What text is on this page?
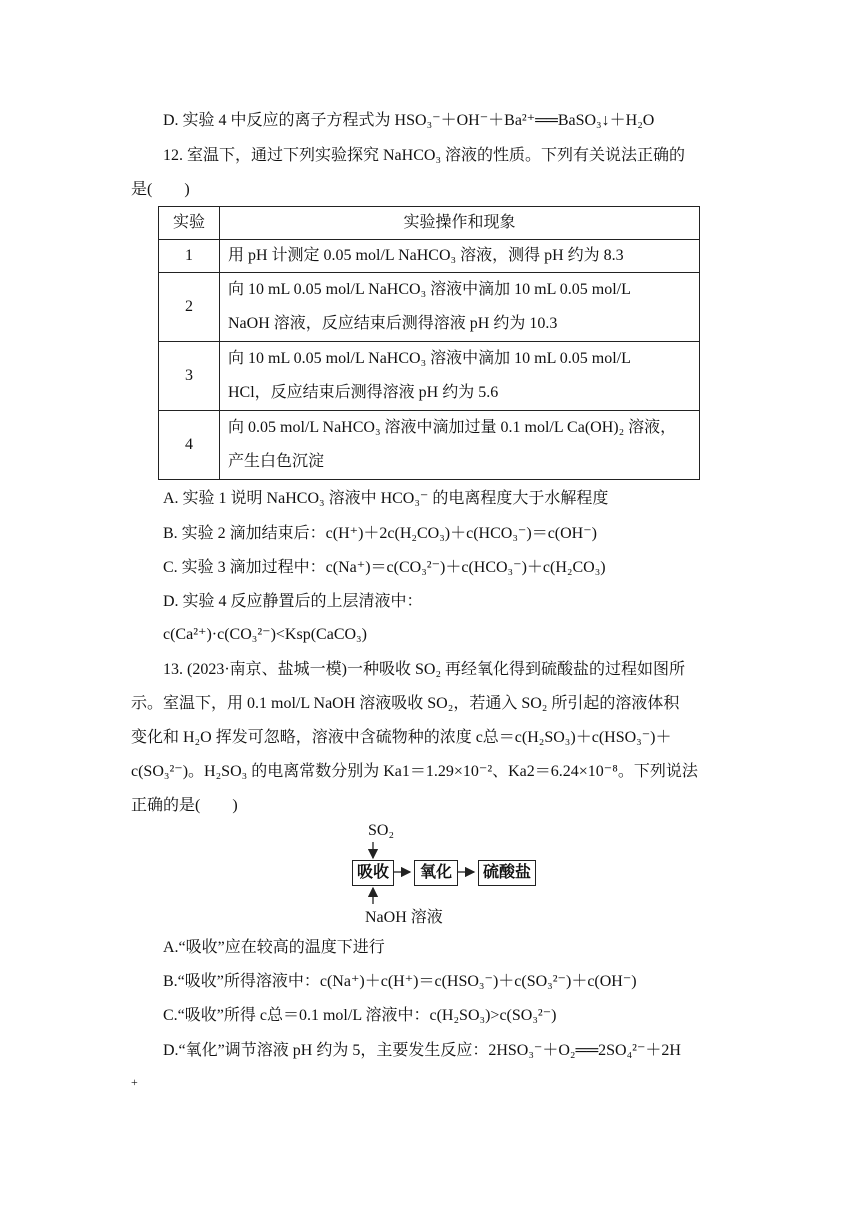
D. 实验 4 中反应的离子方程式为 HSO₃⁻＋OH⁻＋Ba²⁺══BaSO₃↓＋H₂O
12. 室温下，通过下列实验探究 NaHCO₃ 溶液的性质。下列有关说法正确的
是(　　)
实验	实验操作和现象
1	用 pH 计测定 0.05 mol/L NaHCO₃ 溶液，测得 pH 约为 8.3
2	向 10 mL 0.05 mol/L NaHCO₃ 溶液中滴加 10 mL 0.05 mol/L
NaOH 溶液，反应结束后测得溶液 pH 约为 10.3
3	向 10 mL 0.05 mol/L NaHCO₃ 溶液中滴加 10 mL 0.05 mol/L
HCl，反应结束后测得溶液 pH 约为 5.6
4	向 0.05 mol/L NaHCO₃ 溶液中滴加过量 0.1 mol/L Ca(OH)₂ 溶液，
产生白色沉淀
A. 实验 1 说明 NaHCO₃ 溶液中 HCO₃⁻ 的电离程度大于水解程度
B. 实验 2 滴加结束后：c(H⁺)＋2c(H₂CO₃)＋c(HCO₃⁻)＝c(OH⁻)
C. 实验 3 滴加过程中：c(Na⁺)＝c(CO₃²⁻)＋c(HCO₃⁻)＋c(H₂CO₃)
D. 实验 4 反应静置后的上层清液中：
c(Ca²⁺)·c(CO₃²⁻)<Ksp(CaCO₃)
13. (2023·南京、盐城一模)一种吸收 SO₂ 再经氧化得到硫酸盐的过程如图所
示。室温下，用 0.1 mol/L NaOH 溶液吸收 SO₂，若通入 SO₂ 所引起的溶液体积
变化和 H₂O 挥发可忽略，溶液中含硫物种的浓度 c总＝c(H₂SO₃)＋c(HSO₃⁻)＋
c(SO₃²⁻)。H₂SO₃ 的电离常数分别为 Ka1＝1.29×10⁻²、Ka2＝6.24×10⁻⁸。下列说法
正确的是(　　)
SO₂
吸收	氧化	硫酸盐
NaOH 溶液
A.“吸收”应在较高的温度下进行
B.“吸收”所得溶液中：c(Na⁺)＋c(H⁺)＝c(HSO₃⁻)＋c(SO₃²⁻)＋c(OH⁻)
C.“吸收”所得 c总＝0.1 mol/L 溶液中：c(H₂SO₃)>c(SO₃²⁻)
D.“氧化”调节溶液 pH 约为 5，主要发生反应：2HSO₃⁻＋O₂══2SO₄²⁻＋2H
+
